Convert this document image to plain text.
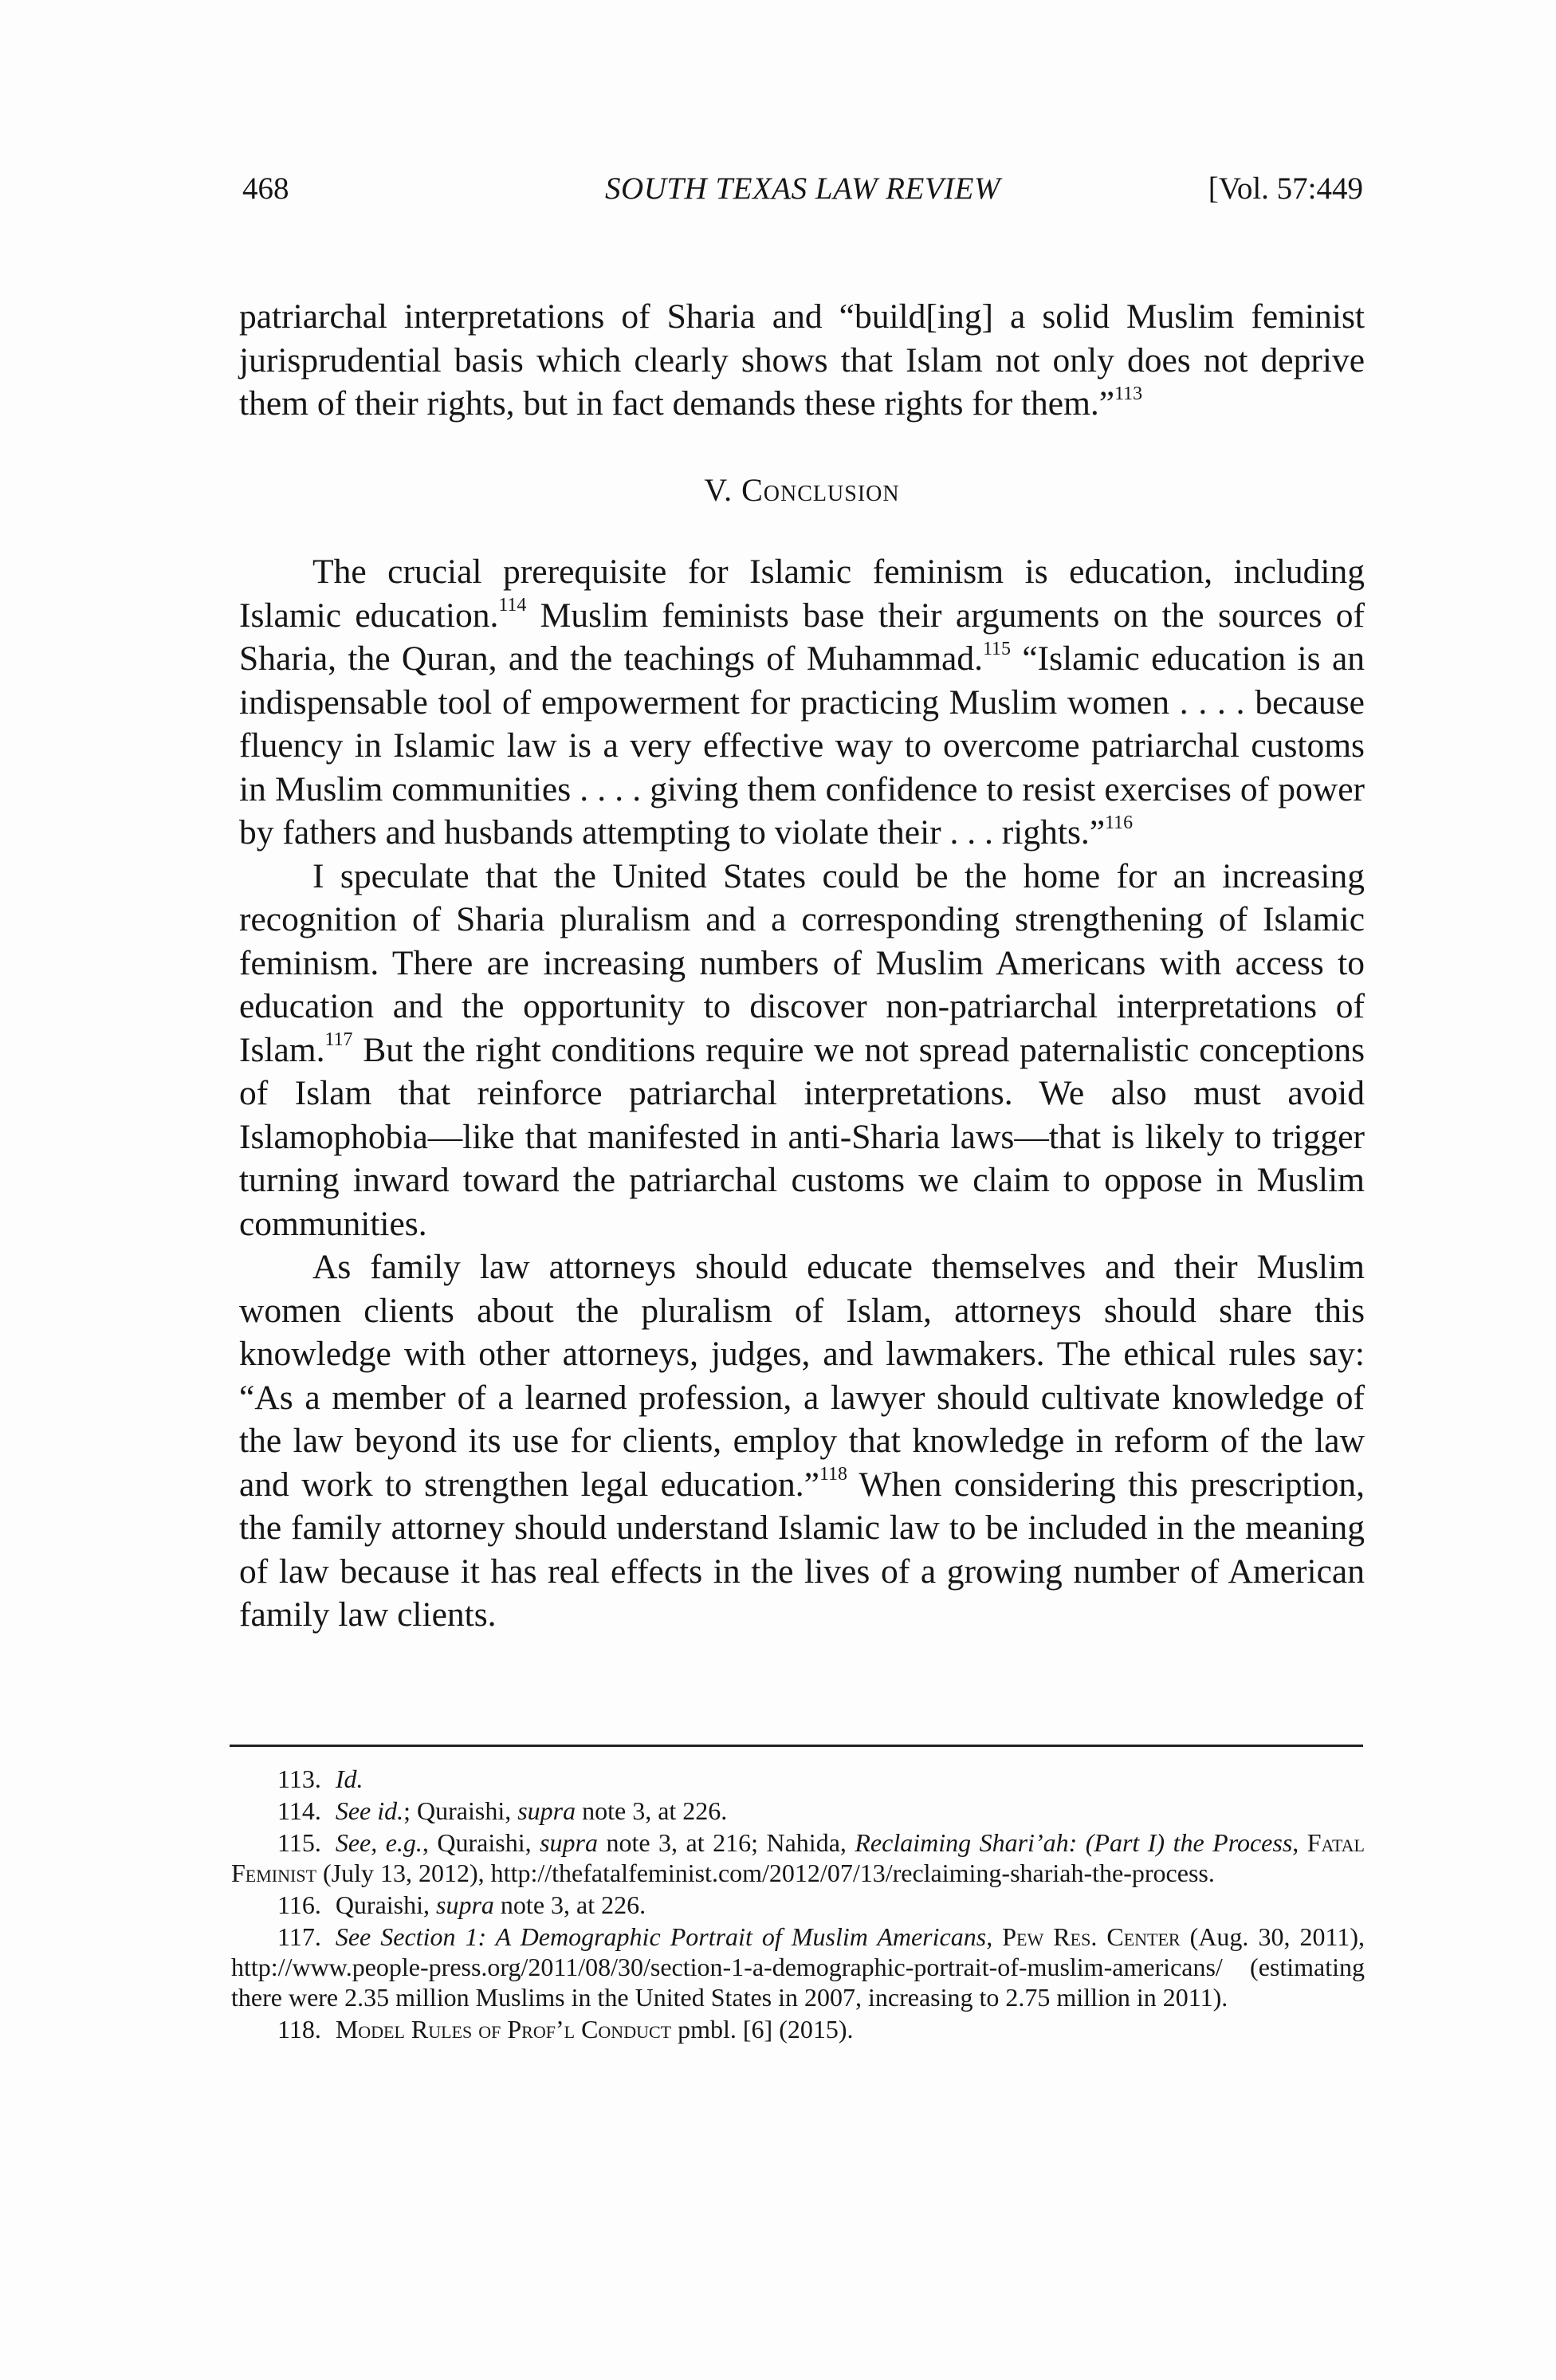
468	SOUTH TEXAS LAW REVIEW	[Vol. 57:449

patriarchal interpretations of Sharia and “build[ing] a solid Muslim feminist jurisprudential basis which clearly shows that Islam not only does not deprive them of their rights, but in fact demands these rights for them.”$^{113}$

V. Conclusion

The crucial prerequisite for Islamic feminism is education, including Islamic education.$^{114}$ Muslim feminists base their arguments on the sources of Sharia, the Quran, and the teachings of Muhammad.$^{115}$ “Islamic education is an indispensable tool of empowerment for practicing Muslim women . . . . because fluency in Islamic law is a very effective way to overcome patriarchal customs in Muslim communities . . . . giving them confidence to resist exercises of power by fathers and husbands attempting to violate their . . . rights.”$^{116}$

I speculate that the United States could be the home for an increasing recognition of Sharia pluralism and a corresponding strengthening of Islamic feminism. There are increasing numbers of Muslim Americans with access to education and the opportunity to discover non-patriarchal interpretations of Islam.$^{117}$ But the right conditions require we not spread paternalistic conceptions of Islam that reinforce patriarchal interpretations. We also must avoid Islamophobia—like that manifested in anti-Sharia laws—that is likely to trigger turning inward toward the patriarchal customs we claim to oppose in Muslim communities.

As family law attorneys should educate themselves and their Muslim women clients about the pluralism of Islam, attorneys should share this knowledge with other attorneys, judges, and lawmakers. The ethical rules say: “As a member of a learned profession, a lawyer should cultivate knowledge of the law beyond its use for clients, employ that knowledge in reform of the law and work to strengthen legal education.”$^{118}$ When considering this prescription, the family attorney should understand Islamic law to be included in the meaning of law because it has real effects in the lives of a growing number of American family law clients.

113. Id.
114. See id.; Quraishi, supra note 3, at 226.
115. See, e.g., Quraishi, supra note 3, at 216; Nahida, Reclaiming Shari’ah: (Part I) the Process, Fatal Feminist (July 13, 2012), http://thefatalfeminist.com/2012/07/13/reclaiming-shariah-the-process.
116. Quraishi, supra note 3, at 226.
117. See Section 1: A Demographic Portrait of Muslim Americans, Pew Res. Center (Aug. 30, 2011), http://www.people-press.org/2011/08/30/section-1-a-demographic-portrait-of-muslim-americans/ (estimating there were 2.35 million Muslims in the United States in 2007, increasing to 2.75 million in 2011).
118. Model Rules of Prof’l Conduct pmbl. [6] (2015).
